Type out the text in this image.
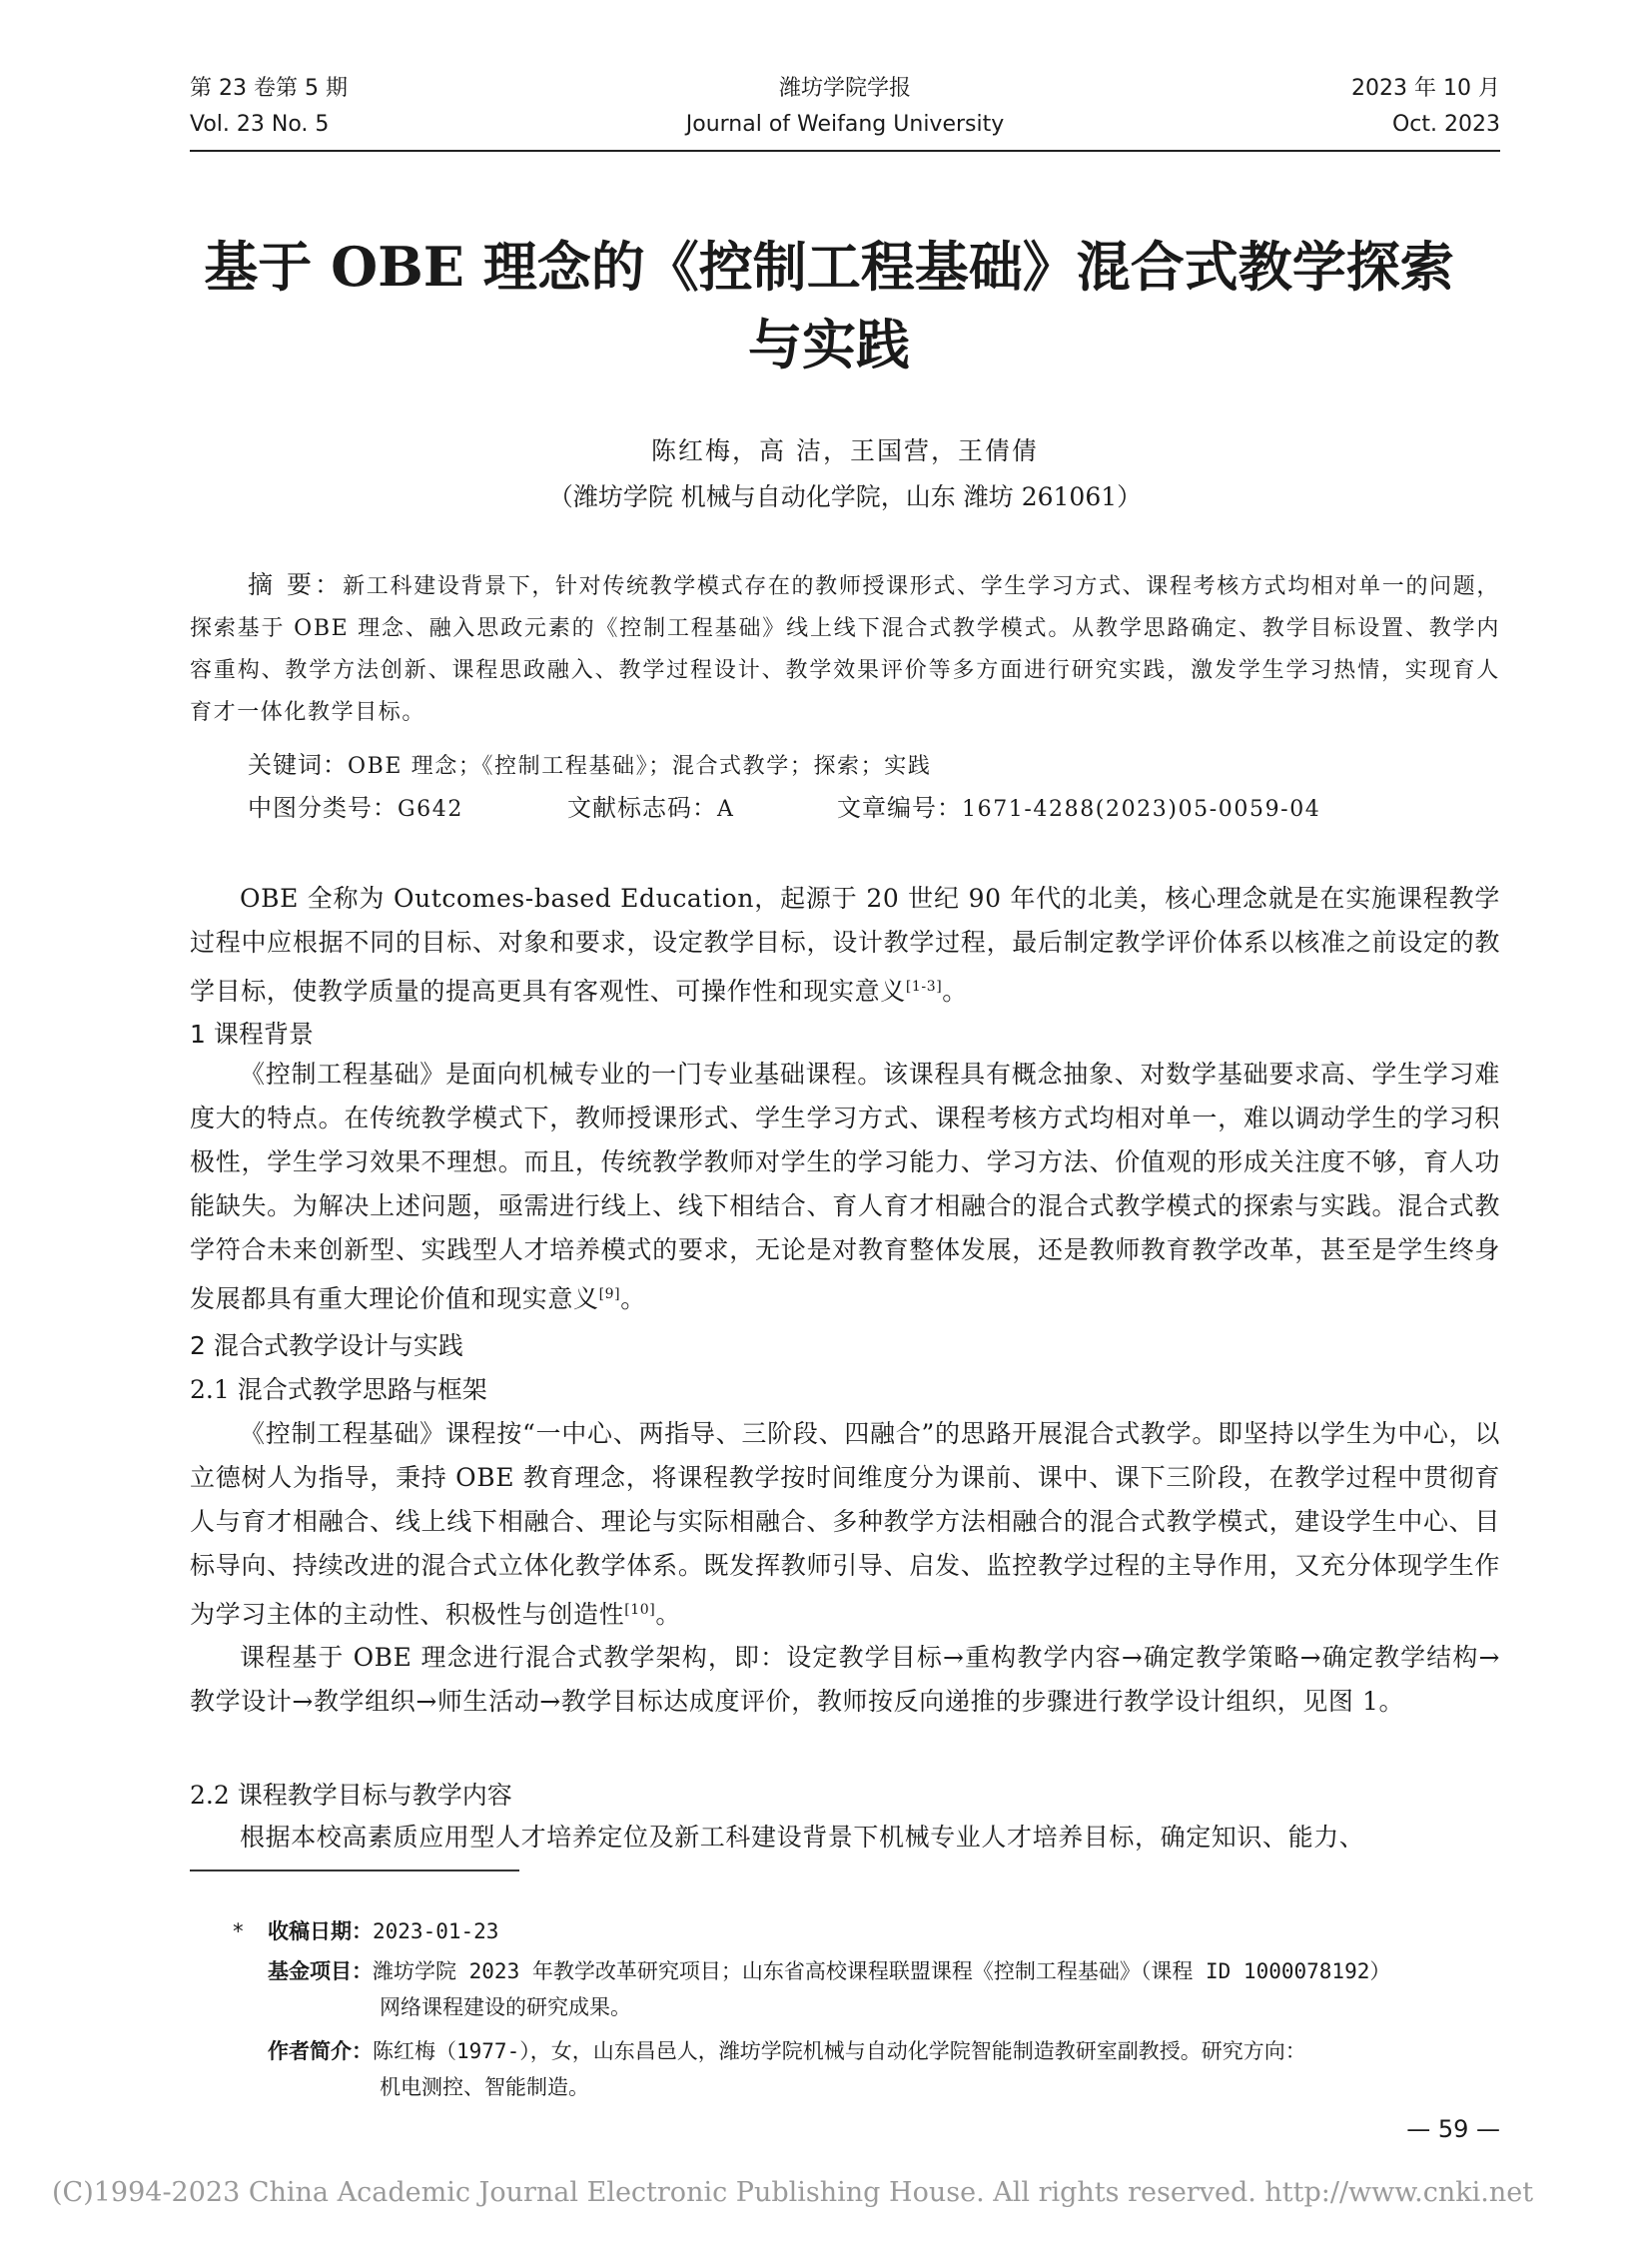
第 23 卷第 5 期
Vol. 23 No. 5
潍坊学院学报
Journal of Weifang University
2023 年 10 月
Oct. 2023
基于 OBE 理念的《控制工程基础》混合式教学探索
与实践
陈红梅，高 洁，王国营，王倩倩
（潍坊学院 机械与自动化学院，山东 潍坊 261061）
摘 要：新工科建设背景下，针对传统教学模式存在的教师授课形式、学生学习方式、课程考核方式均相对单一的问题，探索基于 OBE 理念、融入思政元素的《控制工程基础》线上线下混合式教学模式。从教学思路确定、教学目标设置、教学内容重构、教学方法创新、课程思政融入、教学过程设计、教学效果评价等多方面进行研究实践，激发学生学习热情，实现育人育才一体化教学目标。
关键词：OBE 理念；《控制工程基础》；混合式教学；探索；实践
中图分类号：G642	文献标志码：A	文章编号：1671-4288(2023)05-0059-04
OBE 全称为 Outcomes-based Education，起源于 20 世纪 90 年代的北美，核心理念就是在实施课程教学过程中应根据不同的目标、对象和要求，设定教学目标，设计教学过程，最后制定教学评价体系以核准之前设定的教学目标，使教学质量的提高更具有客观性、可操作性和现实意义[1-3]。
1 课程背景
《控制工程基础》是面向机械专业的一门专业基础课程。该课程具有概念抽象、对数学基础要求高、学生学习难度大的特点。在传统教学模式下，教师授课形式、学生学习方式、课程考核方式均相对单一，难以调动学生的学习积极性，学生学习效果不理想。而且，传统教学教师对学生的学习能力、学习方法、价值观的形成关注度不够，育人功能缺失。为解决上述问题，亟需进行线上、线下相结合、育人育才相融合的混合式教学模式的探索与实践。混合式教学符合未来创新型、实践型人才培养模式的要求，无论是对教育整体发展，还是教师教育教学改革，甚至是学生终身发展都具有重大理论价值和现实意义[9]。
2 混合式教学设计与实践
2.1 混合式教学思路与框架
《控制工程基础》课程按“一中心、两指导、三阶段、四融合”的思路开展混合式教学。即坚持以学生为中心，以立德树人为指导，秉持 OBE 教育理念，将课程教学按时间维度分为课前、课中、课下三阶段，在教学过程中贯彻育人与育才相融合、线上线下相融合、理论与实际相融合、多种教学方法相融合的混合式教学模式，建设学生中心、目标导向、持续改进的混合式立体化教学体系。既发挥教师引导、启发、监控教学过程的主导作用，又充分体现学生作为学习主体的主动性、积极性与创造性[10]。
课程基于 OBE 理念进行混合式教学架构，即：设定教学目标→重构教学内容→确定教学策略→确定教学结构→教学设计→教学组织→师生活动→教学目标达成度评价，教师按反向递推的步骤进行教学设计组织，见图 1。
2.2 课程教学目标与教学内容
根据本校高素质应用型人才培养定位及新工科建设背景下机械专业人才培养目标，确定知识、能力、
* 收稿日期：2023-01-23
基金项目：潍坊学院 2023 年教学改革研究项目；山东省高校课程联盟课程《控制工程基础》（课程 ID 1000078192）
网络课程建设的研究成果。
作者简介：陈红梅（1977-），女，山东昌邑人，潍坊学院机械与自动化学院智能制造教研室副教授。研究方向：
机电测控、智能制造。
— 59 —
(C)1994-2023 China Academic Journal Electronic Publishing House. All rights reserved. http://www.cnki.net
